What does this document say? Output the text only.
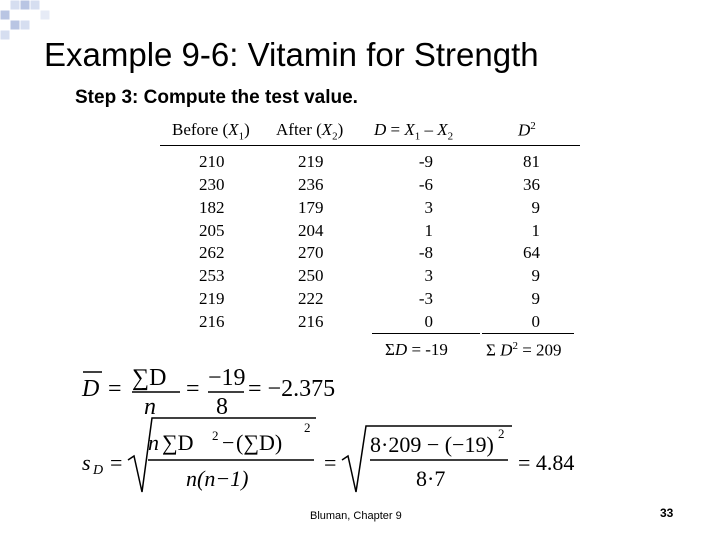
Example 9-6: Vitamin for Strength
Step 3: Compute the test value.
Before $(X_1)$ After $(X_2) D = X_1 - X_2$	$D^2$
210
230
182
205
262
253
219
216
219
236
179
204
270
250
222
216
-9
-6
3
1
-8
3
-3
0
81
36
9
1
64
9
9
0
ΣD = -19 Σ $D^2 = 209$
D = ∑D
n
= −19
8
= −2.375
s D =
n ∑D 2 − (∑D)
2
n(n−1)
=
8·209 − (−19) 2
8·7
= 4.84
Bluman, Chapter 9	33
